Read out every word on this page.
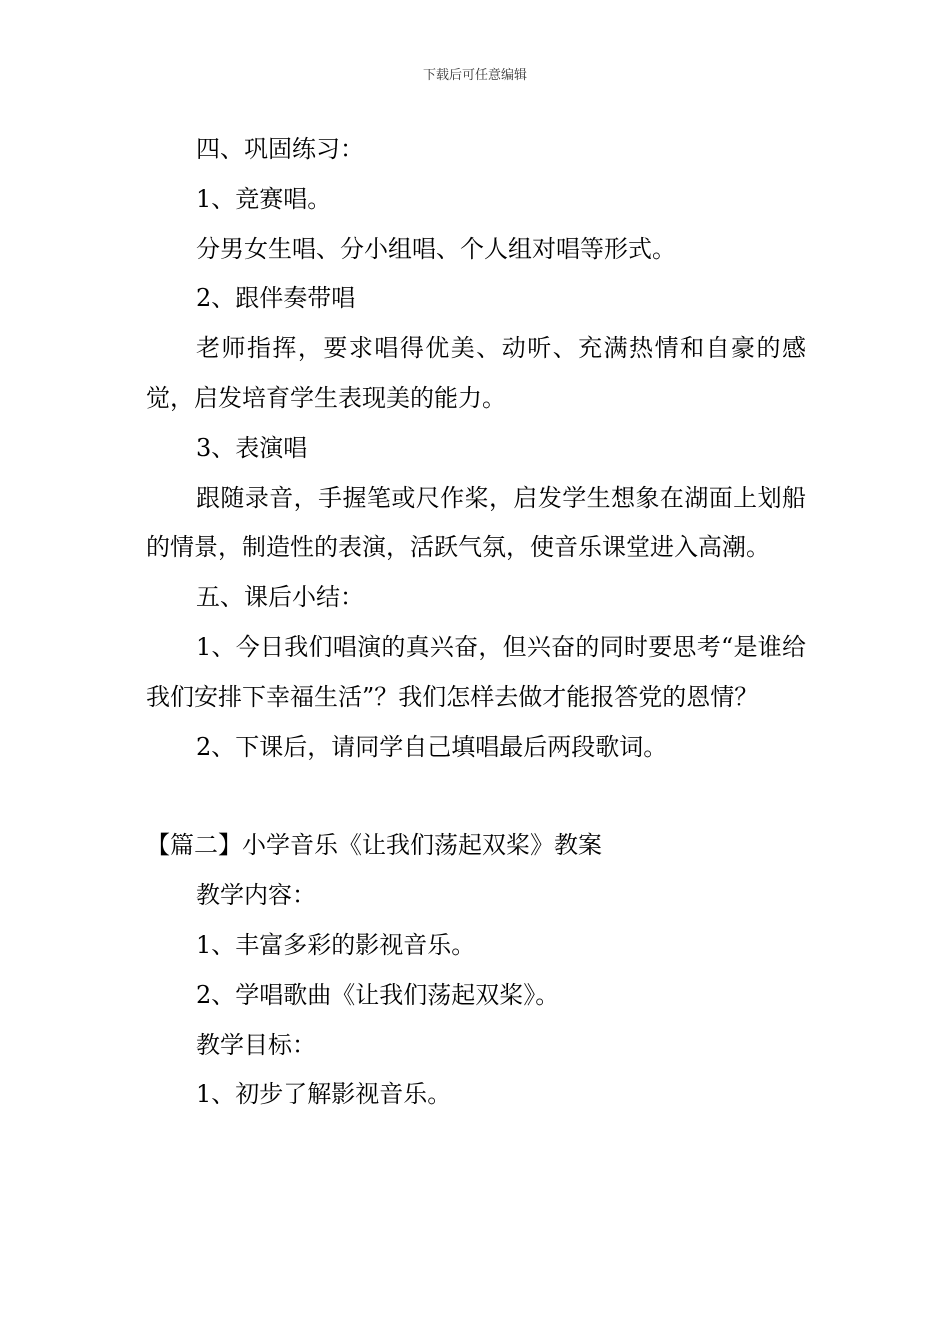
下载后可任意编辑

四、巩固练习：

1、竞赛唱。

分男女生唱、分小组唱、个人组对唱等形式。

2、跟伴奏带唱

老师指挥，要求唱得优美、动听、充满热情和自豪的感觉，启发培育学生表现美的能力。

3、表演唱

跟随录音，手握笔或尺作桨，启发学生想象在湖面上划船的情景，制造性的表演，活跃气氛，使音乐课堂进入高潮。

五、课后小结：

1、今日我们唱演的真兴奋，但兴奋的同时要思考“是谁给我们安排下幸福生活”？我们怎样去做才能报答党的恩情？

2、下课后，请同学自己填唱最后两段歌词。

【篇二】小学音乐《让我们荡起双桨》教案

教学内容：

1、丰富多彩的影视音乐。

2、学唱歌曲《让我们荡起双桨》。

教学目标：

1、初步了解影视音乐。
